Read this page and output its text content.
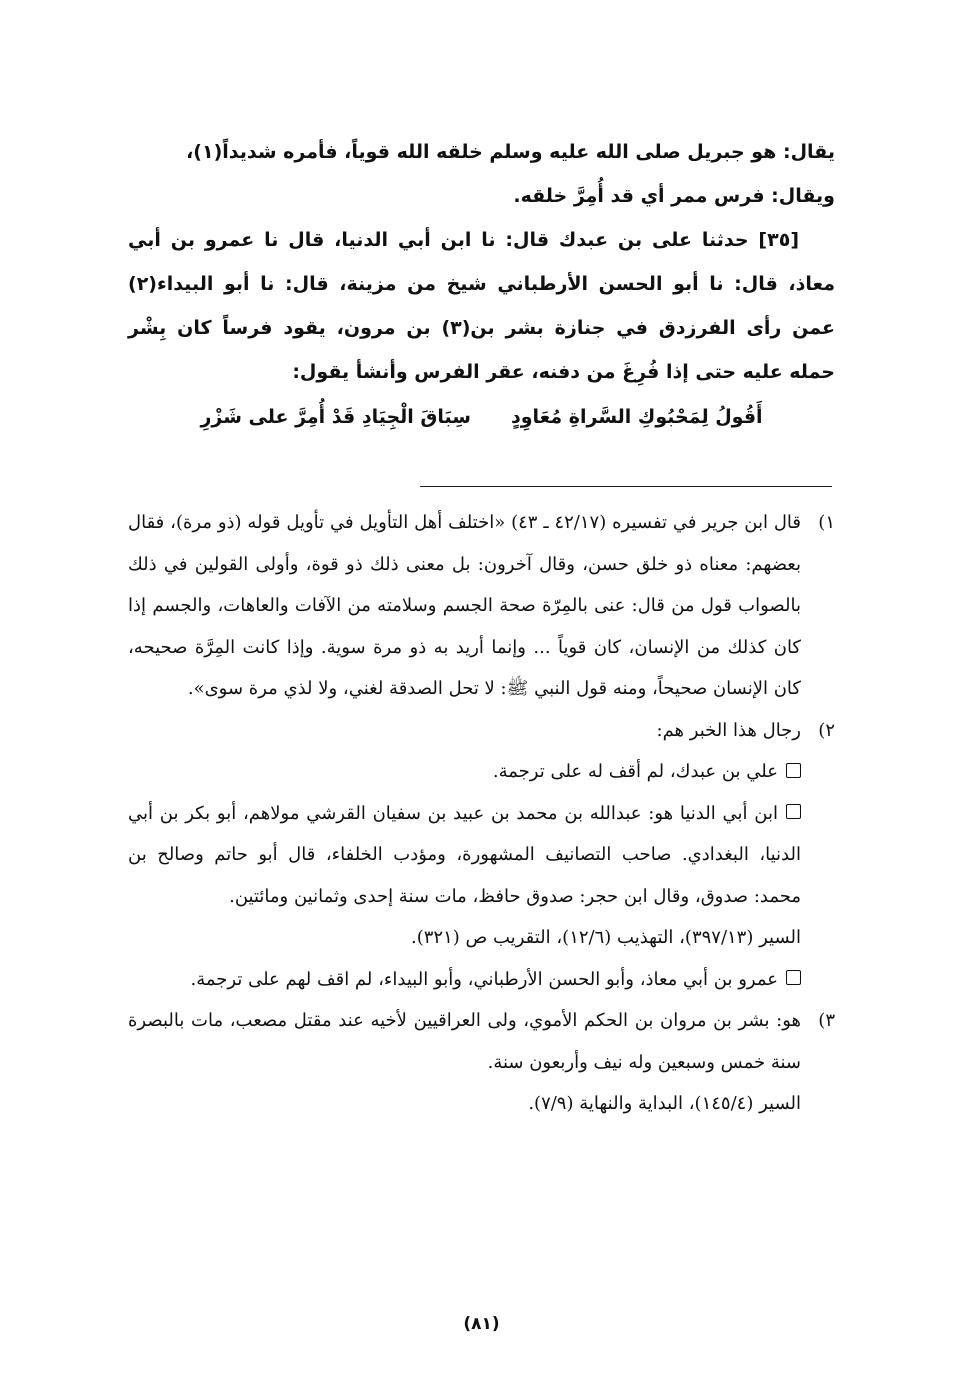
يقال: هو جبريل صلى الله عليه وسلم خلقه الله قوياً، فأمره شديداً(١)،

ويقال: فرس ممر أي قد أُمِرَّ خلقه.

[٣٥] حدثنا على بن عبدك قال: نا ابن أبي الدنيا، قال نا عمرو بن أبي معاذ، قال: نا أبو الحسن الأرطباني شيخ من مزينة، قال: نا أبو البيداء(٢) عمن رأى الفرزدق في جنازة بشر بن(٣) بن مرون، يقود فرساً كان بِشْر حمله عليه حتى إذا فُرِغَ من دفنه، عقر الفرس وأنشأ يقول:

أَقُولُ لِمَحْبُوكِ السَّراةِ مُعَاوِدٍ
سِبَاقَ الْجِيَادِ قَدْ أُمِرَّ على شَزْرِ
١)

قال ابن جرير في تفسيره (٤٢/١٧ ـ ٤٣) «اختلف أهل التأويل في تأويل قوله (ذو مرة)، فقال بعضهم: معناه ذو خلق حسن، وقال آخرون: بل معنى ذلك ذو قوة، وأولى القولين في ذلك بالصواب قول من قال: عنى بالمِرّة صحة الجسم وسلامته من الآفات والعاهات، والجسم إذا كان كذلك من الإنسان، كان قوياً ... وإنما أريد به ذو مرة سوية. وإذا كانت المِرَّة صحيحه، كان الإنسان صحيحاً، ومنه قول النبي ﷺ: لا تحل الصدقة لغني، ولا لذي مرة سوى».

٢)

رجال هذا الخبر هم:

علي بن عبدك، لم أقف له على ترجمة.

ابن أبي الدنيا هو: عبدالله بن محمد بن عبيد بن سفيان القرشي مولاهم، أبو بكر بن أبي الدنيا، البغدادي. صاحب التصانيف المشهورة، ومؤدب الخلفاء، قال أبو حاتم وصالح بن محمد: صدوق، وقال ابن حجر: صدوق حافظ، مات سنة إحدى وثمانين ومائتين.

السير (٣٩٧/١٣)، التهذيب (١٢/٦)، التقريب ص (٣٢١).

عمرو بن أبي معاذ، وأبو الحسن الأرطباني، وأبو البيداء، لم اقف لهم على ترجمة.

٣)

هو: بشر بن مروان بن الحكم الأموي، ولى العراقيين لأخيه عند مقتل مصعب، مات بالبصرة سنة خمس وسبعين وله نيف وأربعون سنة.

السير (١٤٥/٤)، البداية والنهاية (٧/٩).

(٨١)
